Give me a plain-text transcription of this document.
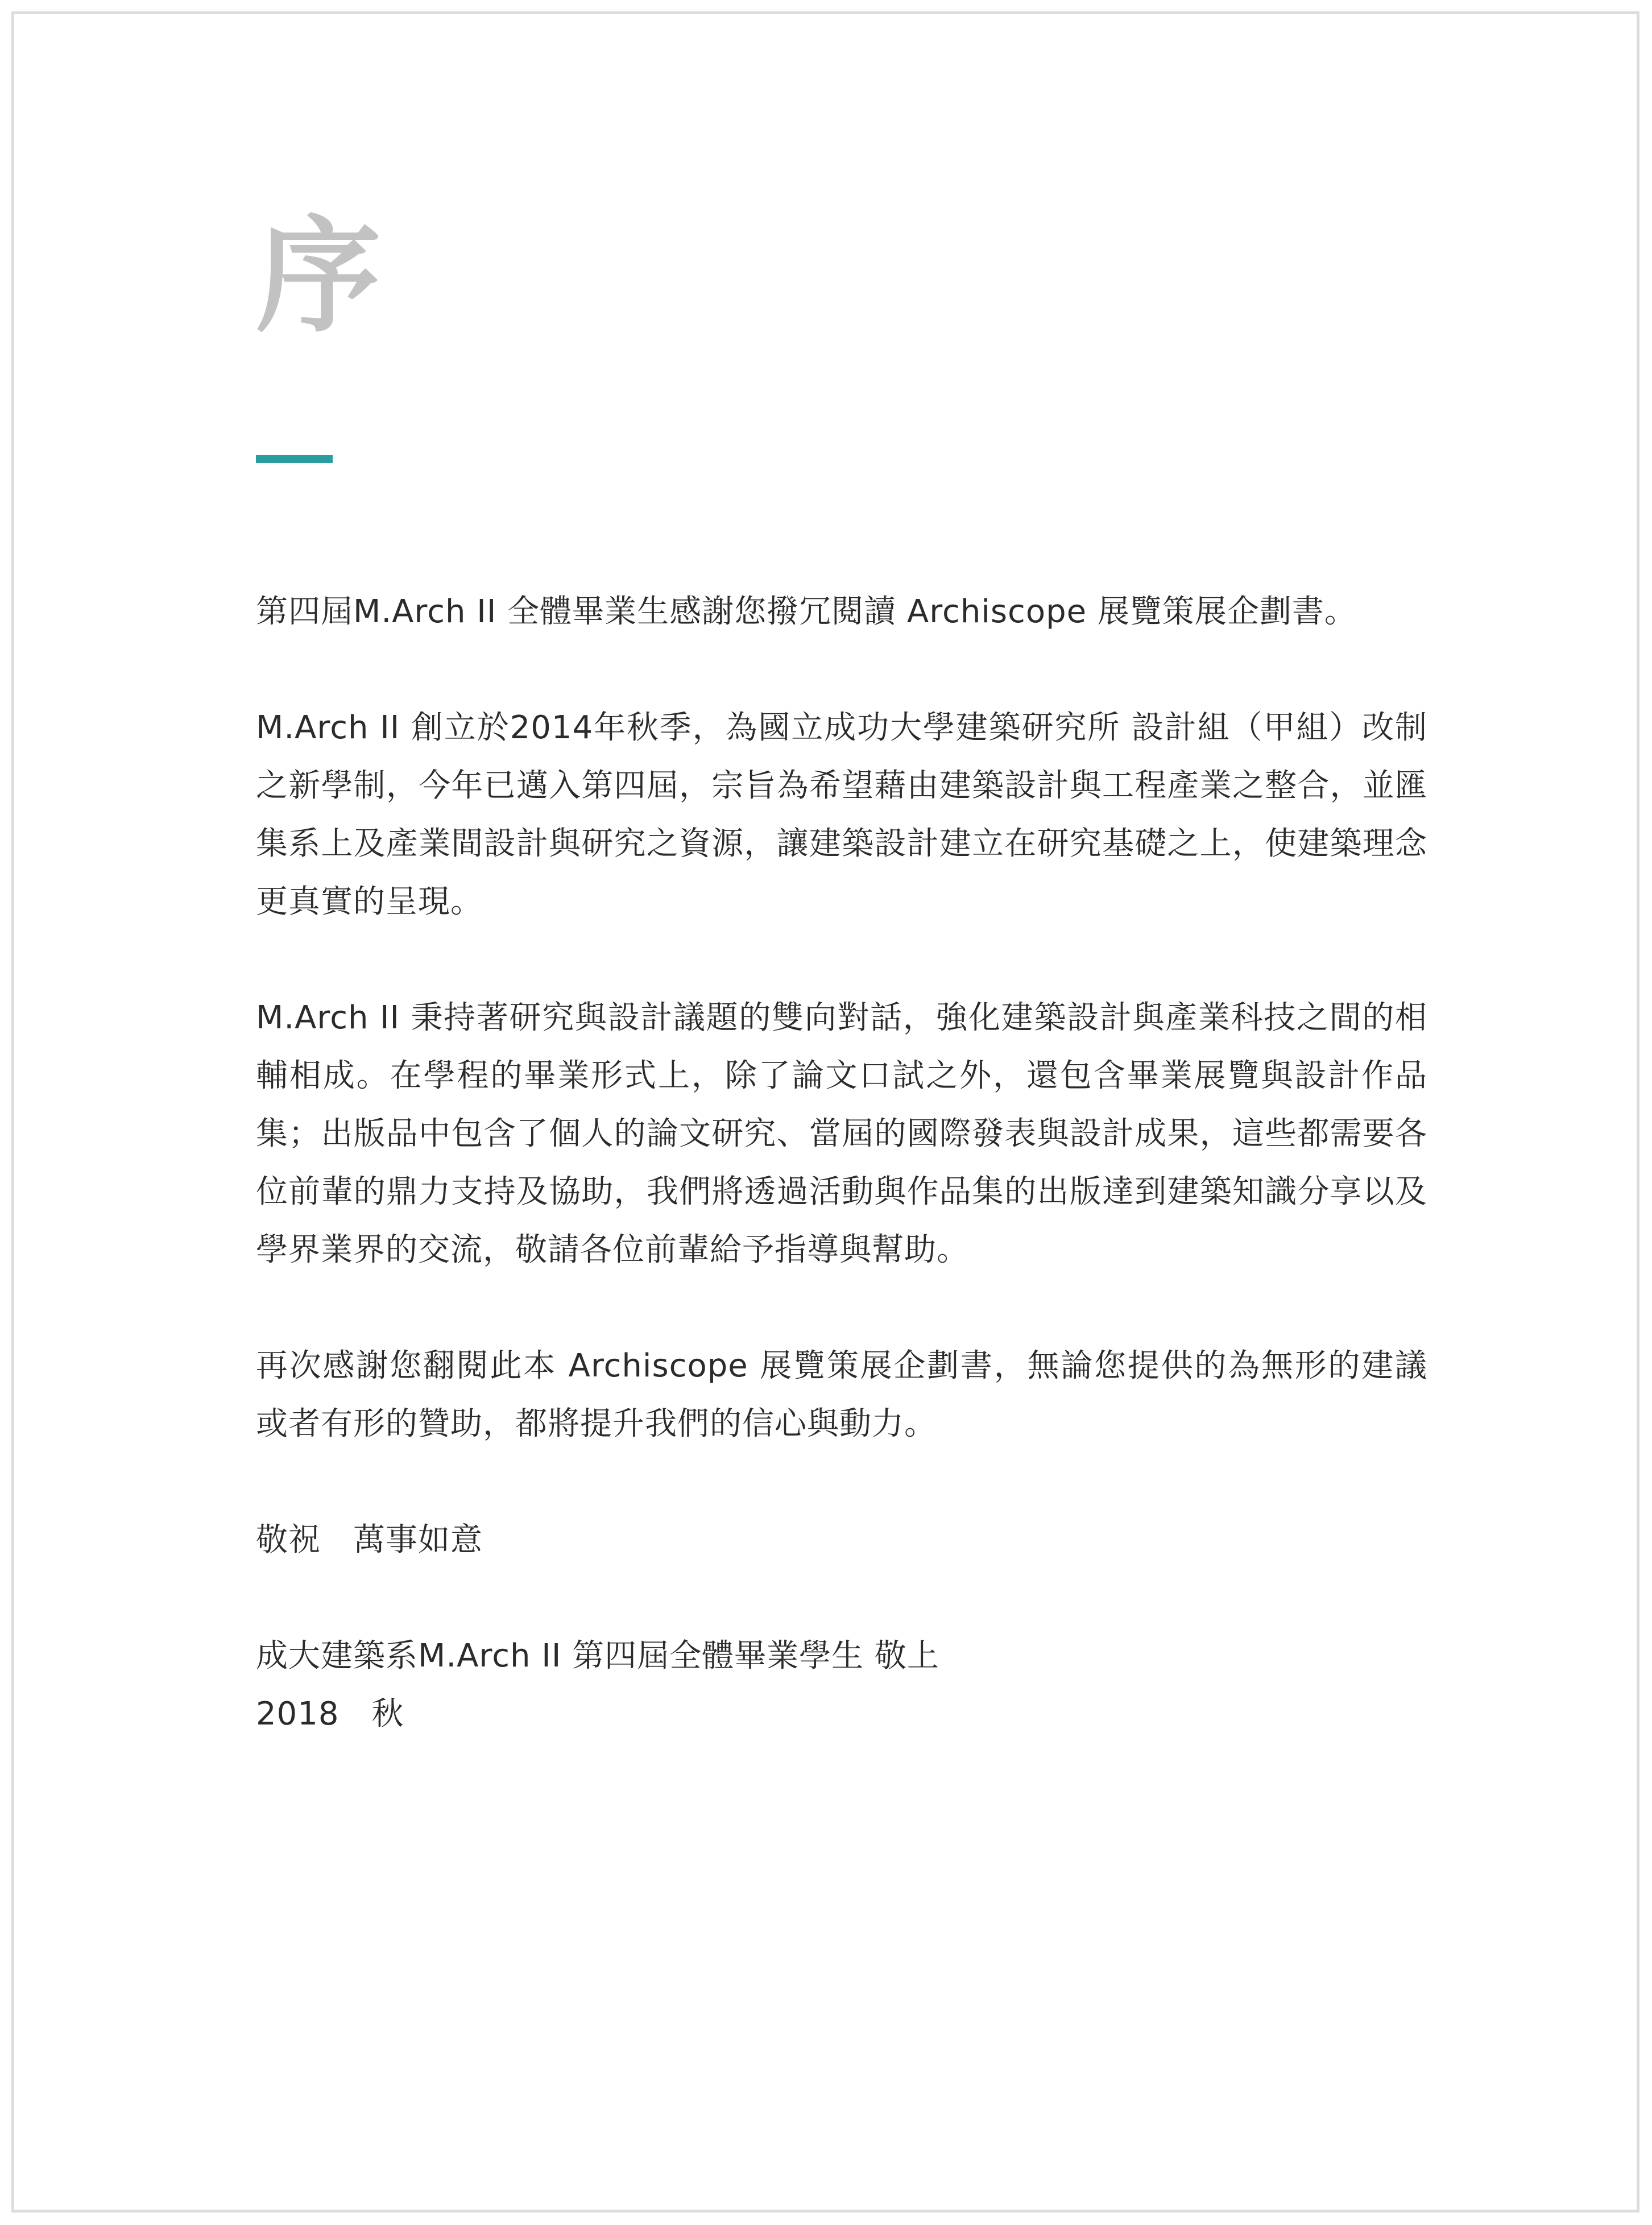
序

第四屆M.Arch II 全體畢業生感謝您撥冗閱讀 Archiscope 展覽策展企劃書。

M.Arch II 創立於2014年秋季，為國立成功大學建築研究所 設計組（甲組）改制之新學制，今年已邁入第四屆，宗旨為希望藉由建築設計與工程產業之整合，並匯集系上及產業間設計與研究之資源，讓建築設計建立在研究基礎之上，使建築理念更真實的呈現。

M.Arch II 秉持著研究與設計議題的雙向對話，強化建築設計與產業科技之間的相輔相成。在學程的畢業形式上，除了論文口試之外，還包含畢業展覽與設計作品集；出版品中包含了個人的論文研究、當屆的國際發表與設計成果，這些都需要各位前輩的鼎力支持及協助，我們將透過活動與作品集的出版達到建築知識分享以及學界業界的交流，敬請各位前輩給予指導與幫助。

再次感謝您翻閱此本 Archiscope 展覽策展企劃書，無論您提供的為無形的建議或者有形的贊助，都將提升我們的信心與動力。

敬祝　萬事如意

成大建築系M.Arch II 第四屆全體畢業學生 敬上

2018　秋
